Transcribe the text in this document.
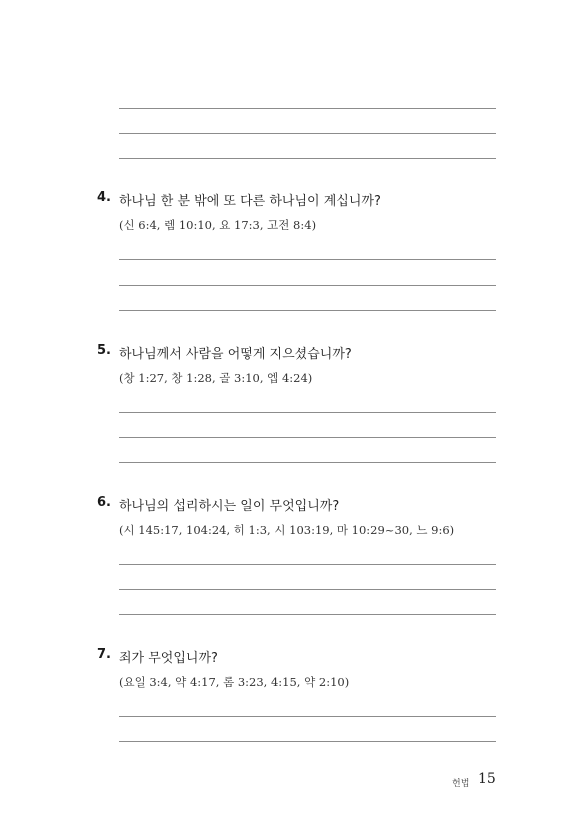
4. 하나님 한 분 밖에 또 다른 하나님이 계십니까?
(신 6:4, 렘 10:10, 요 17:3, 고전 8:4)
5. 하나님께서 사람을 어떻게 지으셨습니까?
(창 1:27, 창 1:28, 골 3:10, 엡 4:24)
6. 하나님의 섭리하시는 일이 무엇입니까?
(시 145:17, 104:24, 히 1:3, 시 103:19, 마 10:29~30, 느 9:6)
7. 죄가 무엇입니까?
(요일 3:4, 약 4:17, 롬 3:23, 4:15, 약 2:10)
헌법 15
